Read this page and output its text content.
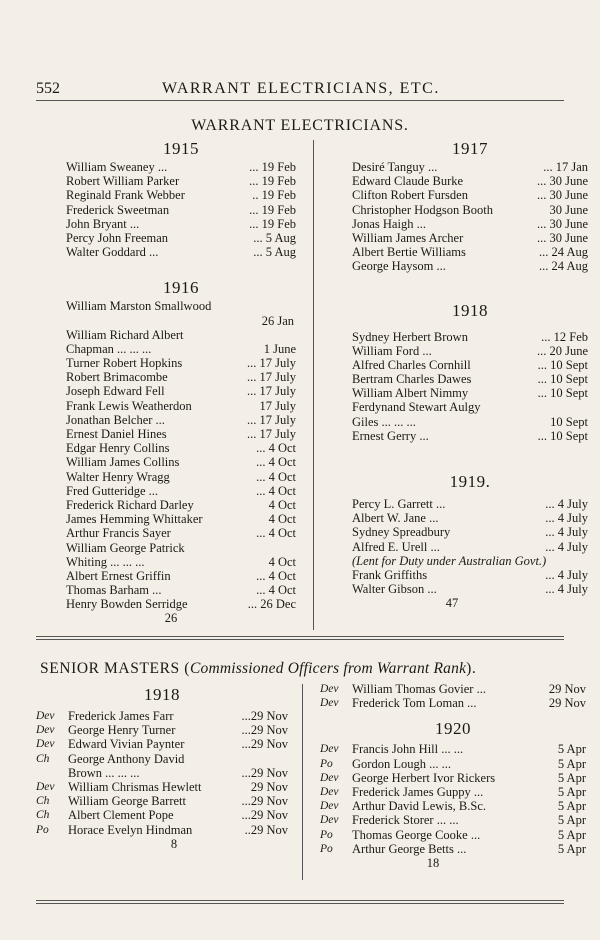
552	WARRANT ELECTRICIANS, ETC.
WARRANT ELECTRICIANS.
1915
William Sweaney ...	... 19 Feb
Robert William Parker	... 19 Feb
Reginald Frank Webber	.. 19 Feb
Frederick Sweetman	... 19 Feb
John Bryant ...	... 19 Feb
Percy John Freeman	... 5 Aug
Walter Goddard ...	... 5 Aug
1916
William Marston Smallwood
26 Jan
William Richard Albert
Chapman ... ... ...	1 June
Turner Robert Hopkins	... 17 July
Robert Brimacombe	... 17 July
Joseph Edward Fell	... 17 July
Frank Lewis Weatherdon	17 July
Jonathan Belcher ...	... 17 July
Ernest Daniel Hines	... 17 July
Edgar Henry Collins	... 4 Oct
William James Collins	... 4 Oct
Walter Henry Wragg	... 4 Oct
Fred Gutteridge ...	... 4 Oct
Frederick Richard Darley	4 Oct
James Hemming Whittaker	4 Oct
Arthur Francis Sayer	... 4 Oct
William George Patrick
Whiting ... ... ...	4 Oct
Albert Ernest Griffin	... 4 Oct
Thomas Barham ...	... 4 Oct
Henry Bowden Serridge	... 26 Dec
26
1917
Desiré Tanguy ...	... 17 Jan
Edward Claude Burke	... 30 June
Clifton Robert Fursden	... 30 June
Christopher Hodgson Booth	30 June
Jonas Haigh ...	... 30 June
William James Archer	... 30 June
Albert Bertie Williams	... 24 Aug
George Haysom ...	... 24 Aug
1918
Sydney Herbert Brown	... 12 Feb
William Ford ...	... 20 June
Alfred Charles Cornhill	... 10 Sept
Bertram Charles Dawes	... 10 Sept
William Albert Nimmy	... 10 Sept
Ferdynand Stewart Aulgy
Giles ... ... ...	10 Sept
Ernest Gerry ...	... 10 Sept
1919.
Percy L. Garrett ...	... 4 July
Albert W. Jane ...	... 4 July
Sydney Spreadbury	... 4 July
Alfred E. Urell ...	... 4 July
(Lent for Duty under Australian Govt.)
Frank Griffiths	... 4 July
Walter Gibson ...	... 4 July
47
SENIOR MASTERS (Commissioned Officers from Warrant Rank).
1918
Dev	Frederick James Farr	...29 Nov
Dev	George Henry Turner	...29 Nov
Dev	Edward Vivian Paynter	...29 Nov
Ch	George Anthony David
Brown ... ... ...	...29 Nov
Dev	William Chrismas Hewlett	29 Nov
Ch	William George Barrett	...29 Nov
Ch	Albert Clement Pope	...29 Nov
Po	Horace Evelyn Hindman	..29 Nov
8
Dev	William Thomas Govier ...	29 Nov
Dev	Frederick Tom Loman ...	29 Nov
1920
Dev	Francis John Hill ... ...	5 Apr
Po	Gordon Lough ... ...	5 Apr
Dev	George Herbert Ivor Rickers	5 Apr
Dev	Frederick James Guppy ...	5 Apr
Dev	Arthur David Lewis, B.Sc.	5 Apr
Dev	Frederick Storer ... ...	5 Apr
Po	Thomas George Cooke ...	5 Apr
Po	Arthur George Betts ...	5 Apr
18
